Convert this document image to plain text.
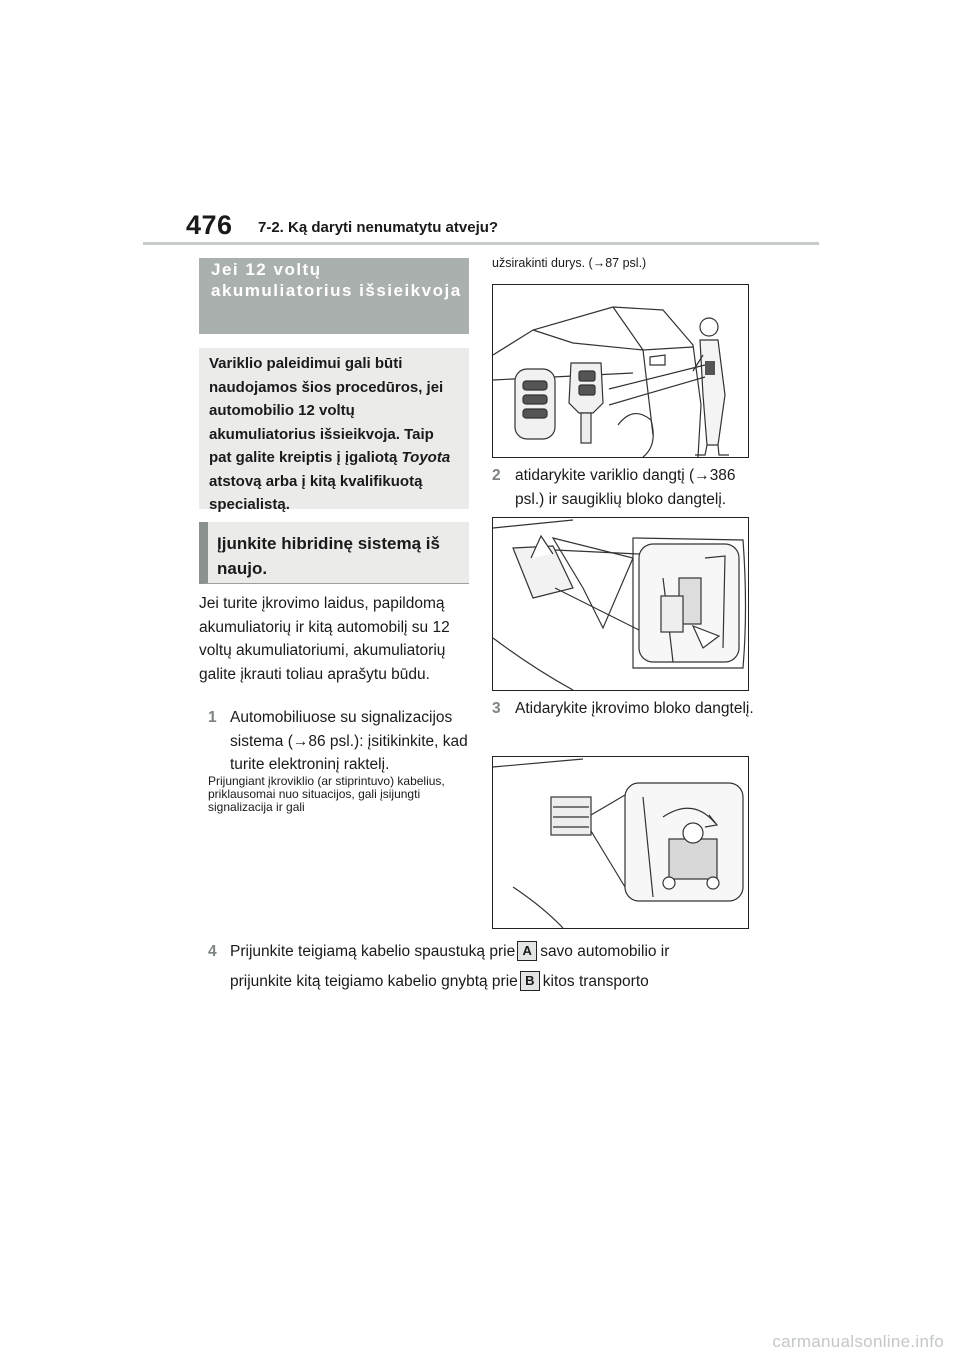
476 7-2. Ką daryti nenumatytu atveju?
Jei 12 voltų akumuliatorius išsieikvoja

Variklio paleidimui gali būti naudojamos šios procedūros, jei automobilio 12 voltų akumuliatorius išsieikvoja. Taip pat galite kreiptis į įgaliotą Toyota atstovą arba į kitą kvalifikuotą specialistą.

Įjunkite hibridinę sistemą iš naujo.

Jei turite įkrovimo laidus, papildomą akumuliatorių ir kitą automobilį su 12 voltų akumuliatoriumi, akumuliatorių galite įkrauti toliau aprašytu būdu.

1 Automobiliuose su signalizacijos sistema (→86 psl.): įsitikinkite, kad turite elektroninį raktelį.

Prijungiant įkroviklio (ar stiprintuvo) kabelius, priklausomai nuo situacijos, gali įsijungti signalizacija ir gali

užsirakinti durys. (→87 psl.)
2 atidarykite variklio dangtį (→386 psl.) ir saugiklių bloko dangtelį.
3 Atidarykite įkrovimo bloko dangtelį.
4 Prijunkite teigiamą kabelio spaustuką prie A savo automobilio ir
prijunkite kitą teigiamo kabelio gnybtą prie B kitos transporto
carmanualsonline.info
